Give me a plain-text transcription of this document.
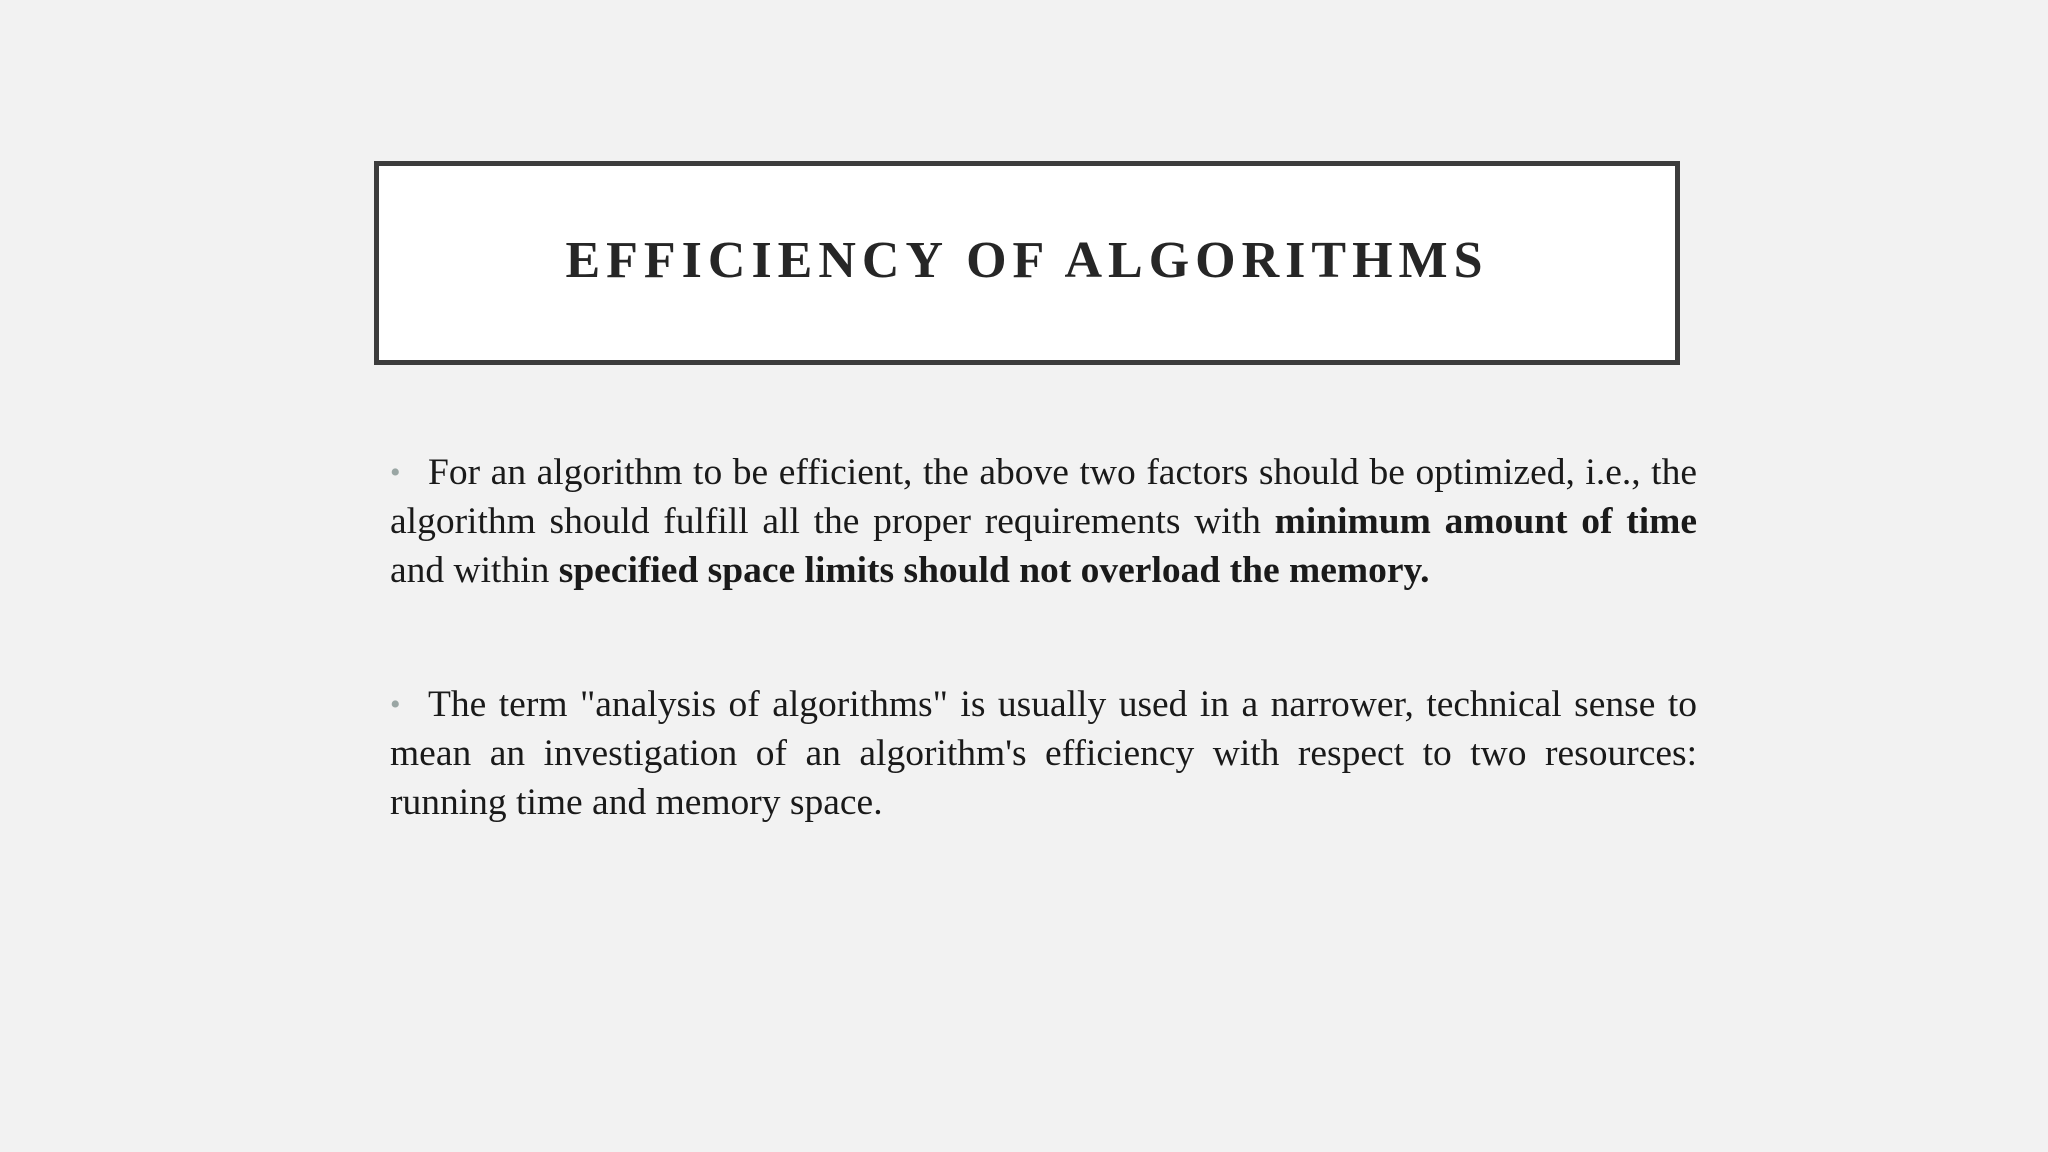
EFFICIENCY OF ALGORITHMS

• For an algorithm to be efficient, the above two factors should be optimized, i.e., the algorithm should fulfill all the proper requirements with minimum amount of time and within specified space limits should not overload the memory.

• The term "analysis of algorithms" is usually used in a narrower, technical sense to mean an investigation of an algorithm's efficiency with respect to two resources: running time and memory space.
